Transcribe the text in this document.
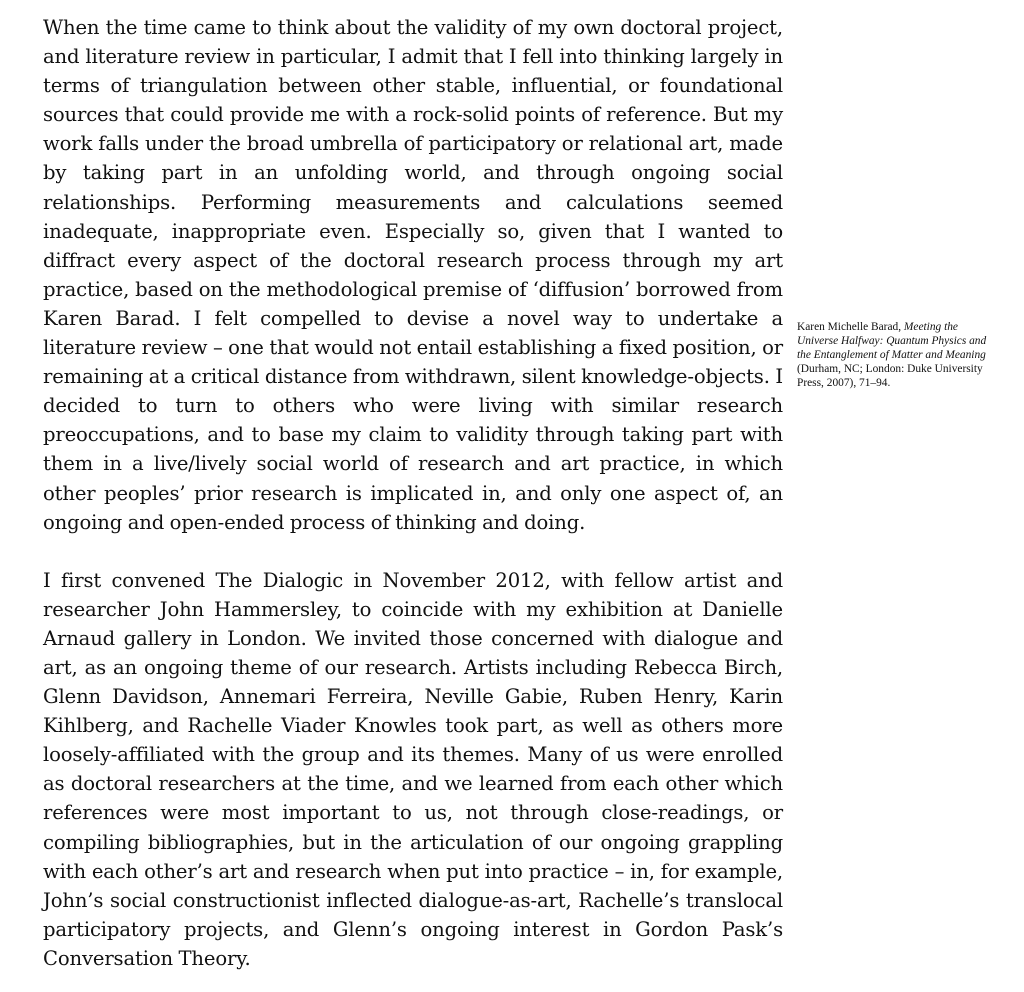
When the time came to think about the validity of my own doctoral project, and literature review in particular, I admit that I fell into thinking largely in terms of triangulation between other stable, influential, or foundational sources that could provide me with a rock-solid points of reference. But my work falls under the broad umbrella of participatory or relational art, made by taking part in an unfolding world, and through ongoing social relationships. Performing measurements and calculations seemed inadequate, inappropriate even. Especially so, given that I wanted to diffract every aspect of the doctoral research process through my art practice, based on the methodological premise of ‘diffusion’ borrowed from Karen Barad. I felt compelled to devise a novel way to undertake a literature review – one that would not entail establishing a fixed position, or remaining at a critical distance from withdrawn, silent knowledge-objects. I decided to turn to others who were living with similar research preoccupations, and to base my claim to validity through taking part with them in a live/lively social world of research and art practice, in which other peoples’ prior research is implicated in, and only one aspect of, an ongoing and open-ended process of thinking and doing.

I first convened The Dialogic in November 2012, with fellow artist and researcher John Hammersley, to coincide with my exhibition at Danielle Arnaud gallery in London. We invited those concerned with dialogue and art, as an ongoing theme of our research. Artists including Rebecca Birch, Glenn Davidson, Annemari Ferreira, Neville Gabie, Ruben Henry, Karin Kihlberg, and Rachelle Viader Knowles took part, as well as others more loosely-affiliated with the group and its themes. Many of us were enrolled as doctoral researchers at the time, and we learned from each other which references were most important to us, not through close-readings, or compiling bibliographies, but in the articulation of our ongoing grappling with each other’s art and research when put into practice – in, for example, John’s social constructionist inflected dialogue-as-art, Rachelle’s translocal participatory projects, and Glenn’s ongoing interest in Gordon Pask’s Conversation Theory.

Karen Michelle Barad, Meeting the Universe Halfway: Quantum Physics and the Entanglement of Matter and Meaning (Durham, NC; London: Duke University Press, 2007), 71–94.
